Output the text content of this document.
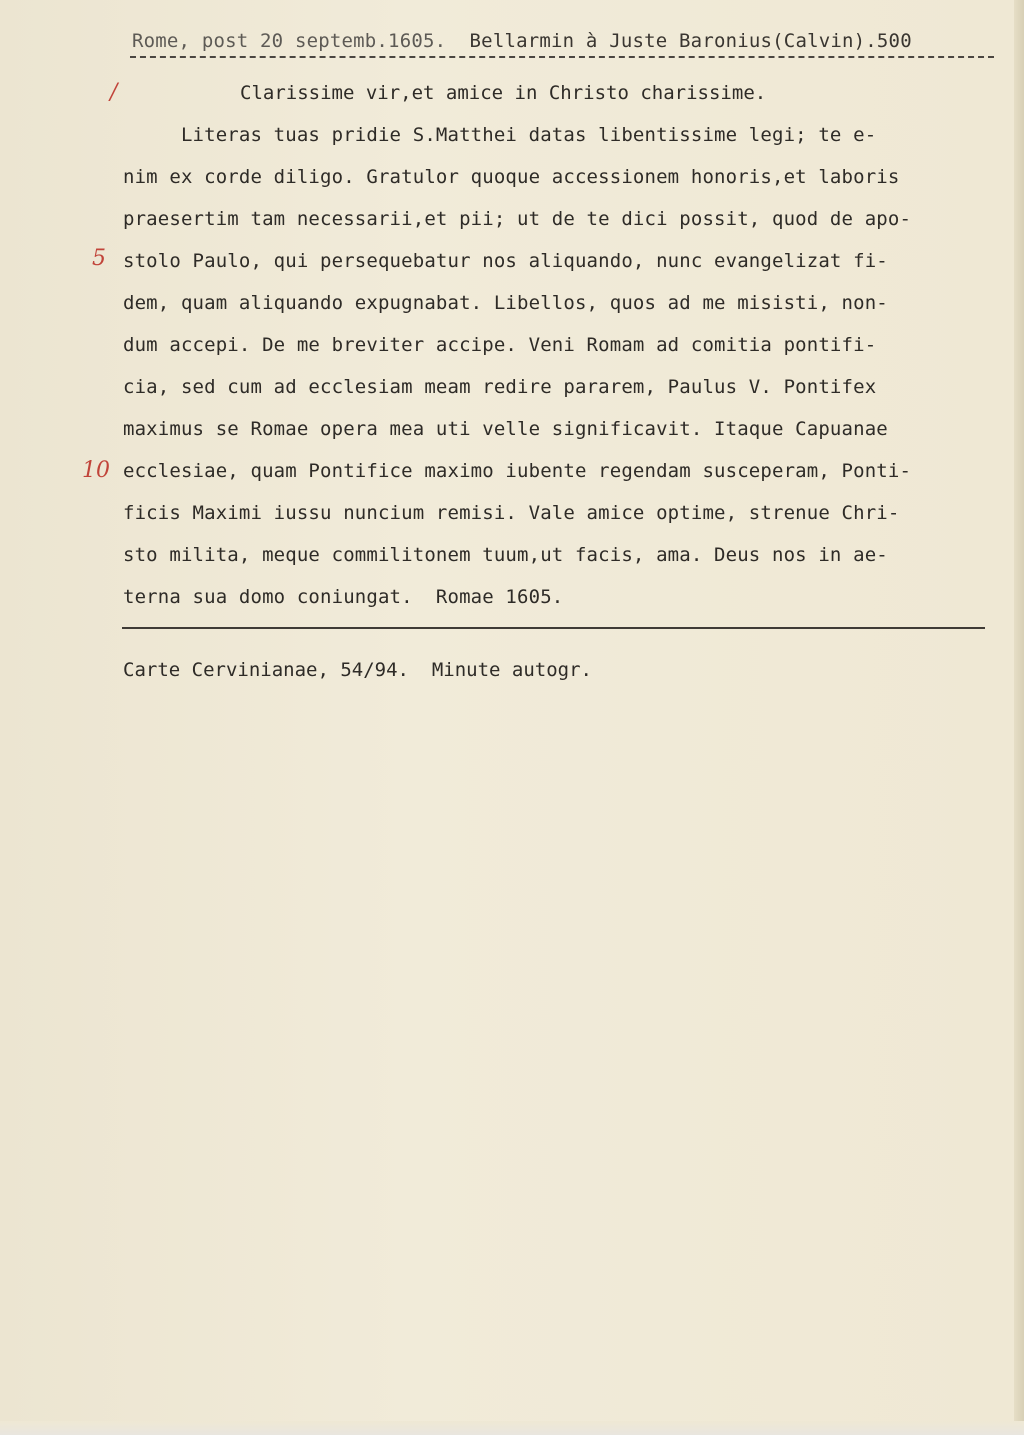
Rome, post 20 septemb.1605. Bellarmin à Juste Baronius(Calvin).500
/
5
10
Clarissime vir,et amice in Christo charissime.
Literas tuas pridie S.Matthei datas libentissime legi; te e-
nim ex corde diligo. Gratulor quoque accessionem honoris,et laboris
praesertim tam necessarii,et pii; ut de te dici possit, quod de apo-
stolo Paulo, qui persequebatur nos aliquando, nunc evangelizat fi-
dem, quam aliquando expugnabat. Libellos, quos ad me misisti, non-
dum accepi. De me breviter accipe. Veni Romam ad comitia pontifi-
cia, sed cum ad ecclesiam meam redire pararem, Paulus V. Pontifex
maximus se Romae opera mea uti velle significavit. Itaque Capuanae
ecclesiae, quam Pontifice maximo iubente regendam susceperam, Ponti-
ficis Maximi iussu nuncium remisi. Vale amice optime, strenue Chri-
sto milita, meque commilitonem tuum,ut facis, ama. Deus nos in ae-
terna sua domo coniungat.  Romae 1605.
Carte Cervinianae, 54/94.  Minute autogr.
